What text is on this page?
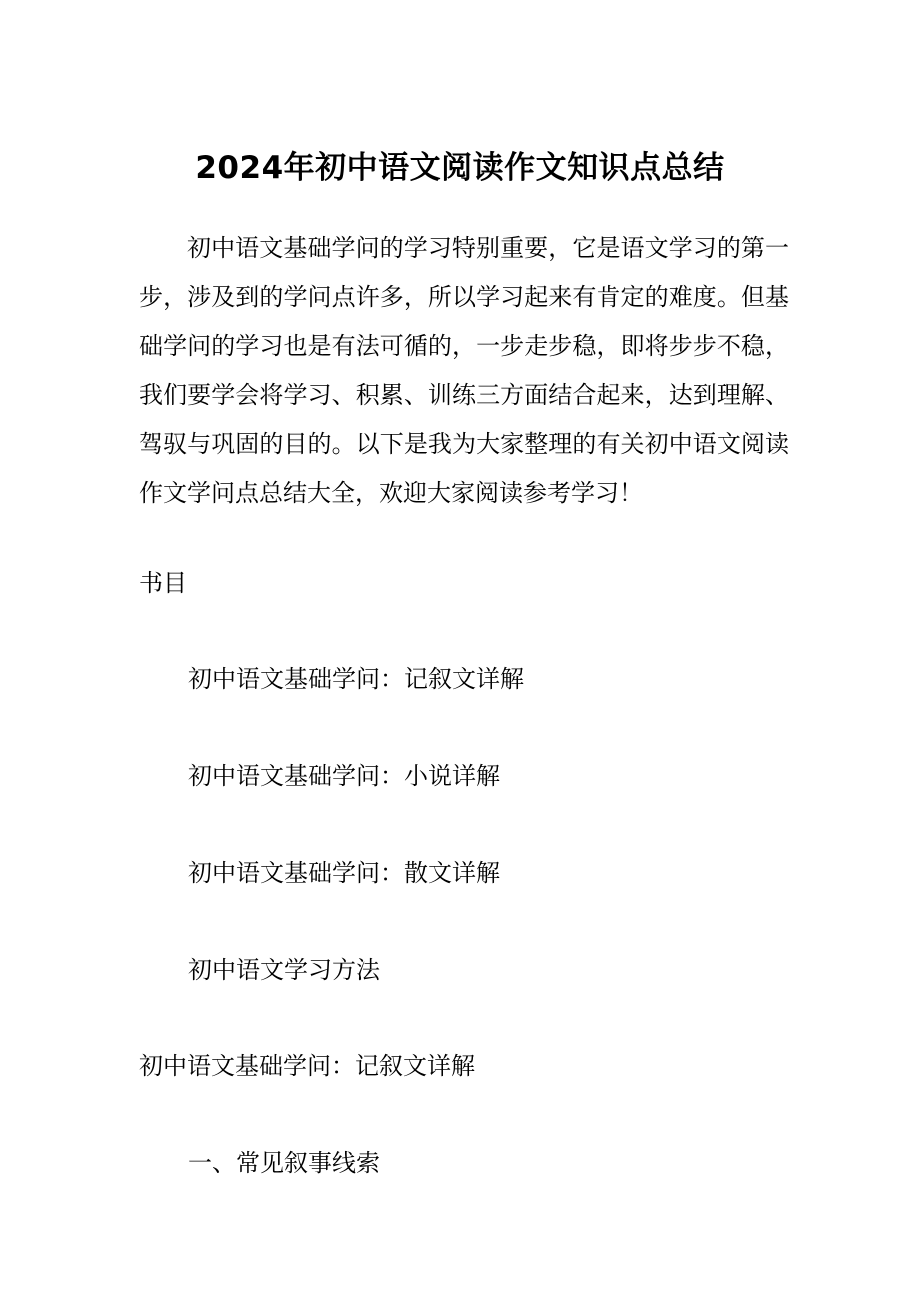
2024年初中语文阅读作文知识点总结

初中语文基础学问的学习特别重要，它是语文学习的第一步，涉及到的学问点许多，所以学习起来有肯定的难度。但基础学问的学习也是有法可循的，一步走步稳，即将步步不稳，我们要学会将学习、积累、训练三方面结合起来，达到理解、驾驭与巩固的目的。以下是我为大家整理的有关初中语文阅读作文学问点总结大全，欢迎大家阅读参考学习！

书目

初中语文基础学问：记叙文详解

初中语文基础学问：小说详解

初中语文基础学问：散文详解

初中语文学习方法

初中语文基础学问：记叙文详解

一、常见叙事线索
